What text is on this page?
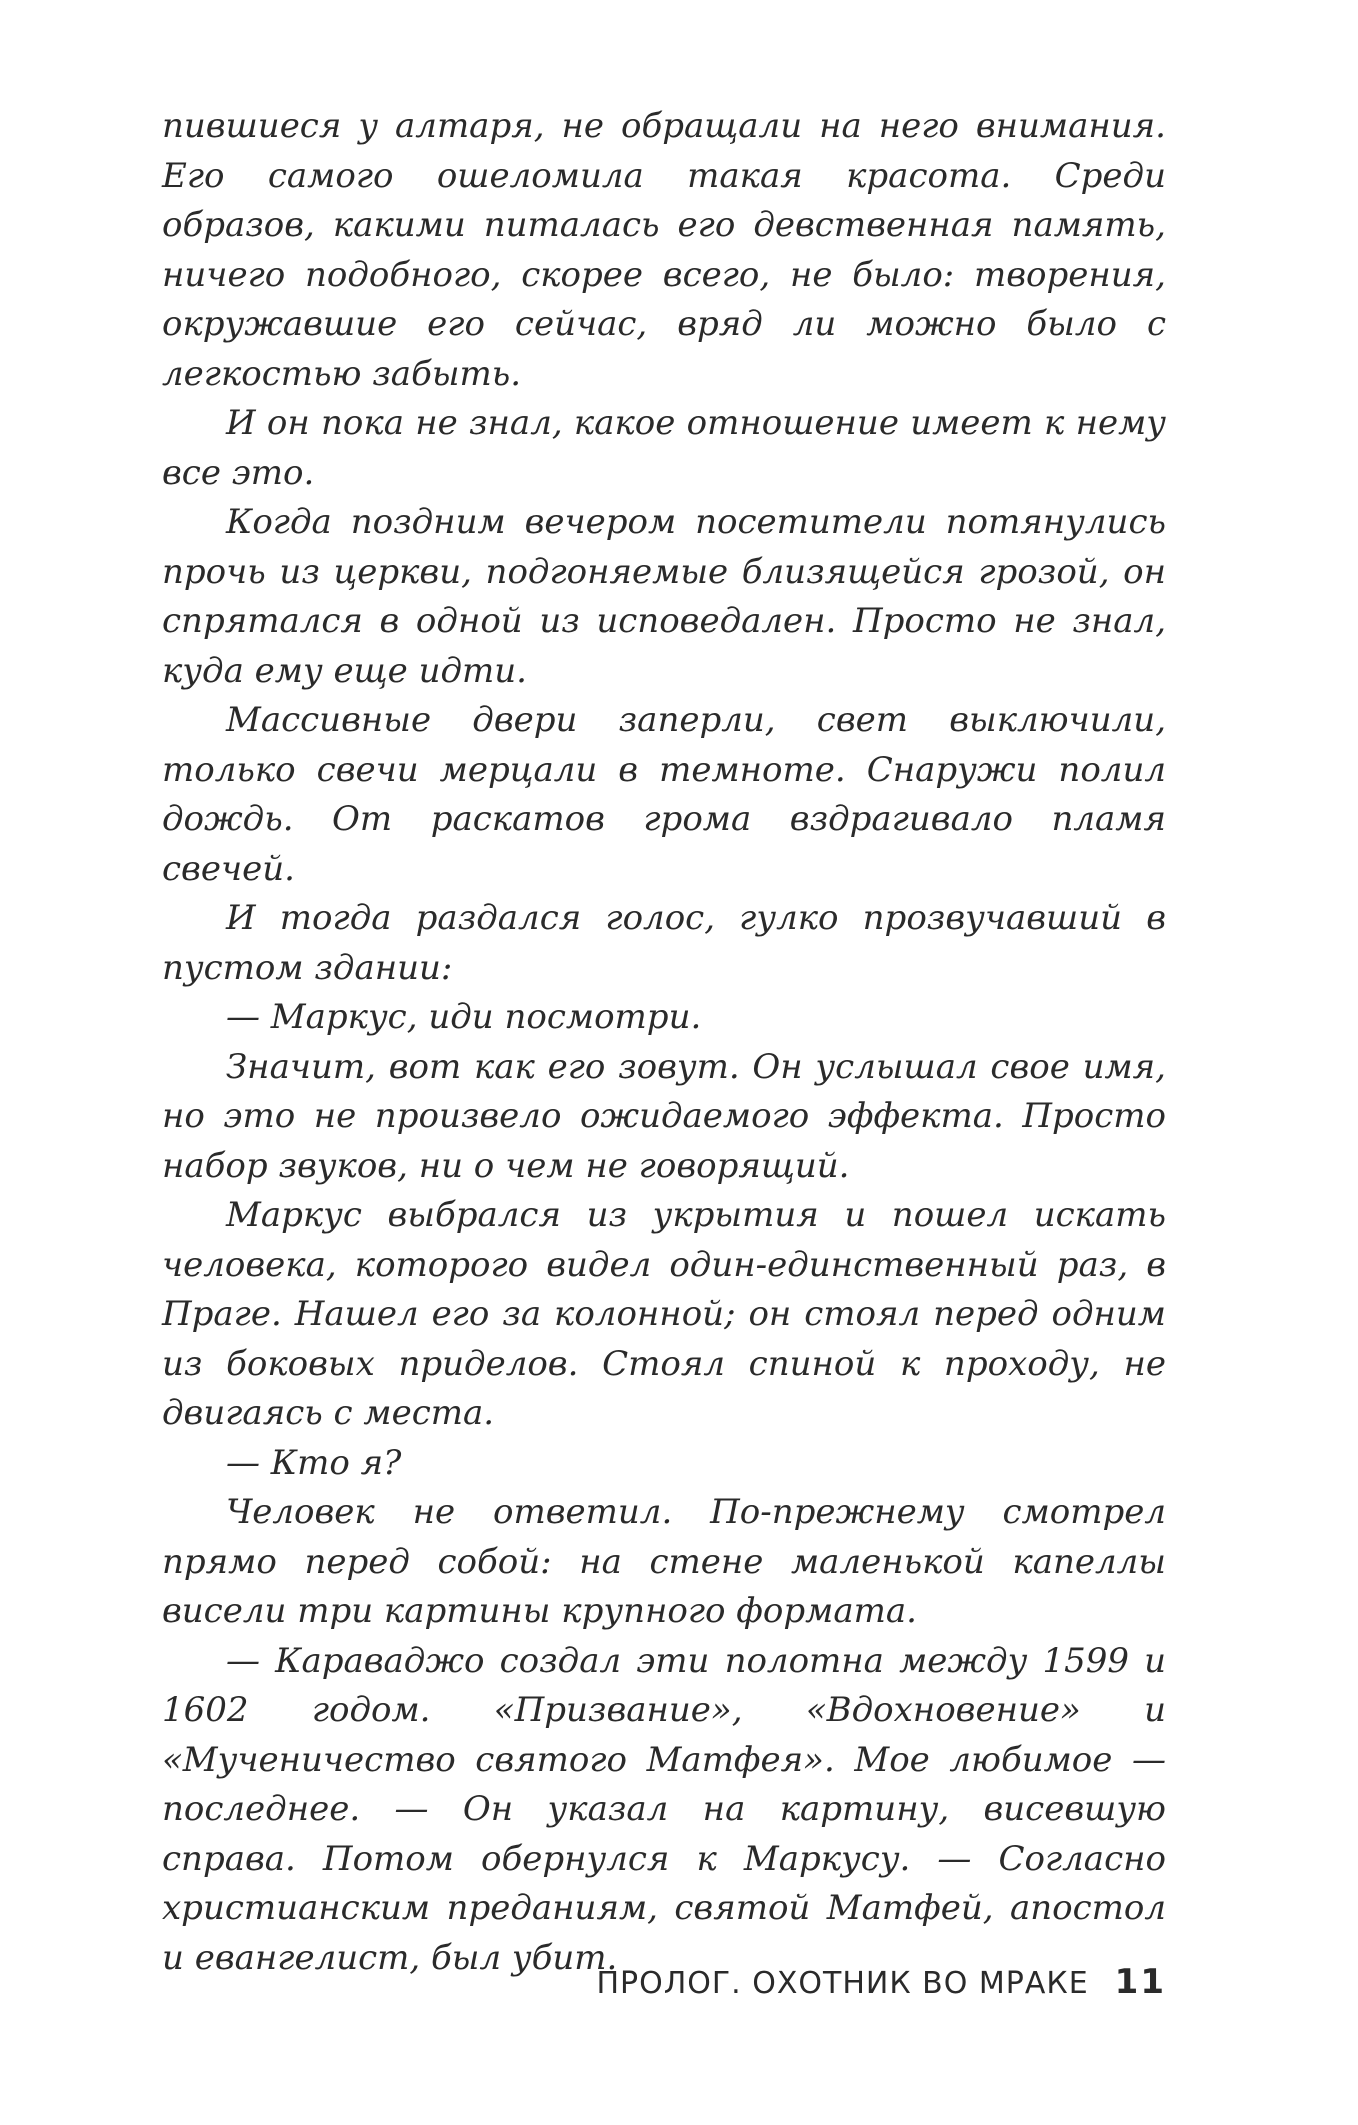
пившиеся у алтаря, не обращали на него внимания. Его самого ошеломила такая красота. Среди образов, какими питалась его девственная память, ничего подобного, скорее всего, не было: творения, окружавшие его сейчас, вряд ли можно было с легкостью забыть.

И он пока не знал, какое отношение имеет к нему все это.

Когда поздним вечером посетители потянулись прочь из церкви, подгоняемые близящейся грозой, он спрятался в одной из исповедален. Просто не знал, куда ему еще идти.

Массивные двери заперли, свет выключили, только свечи мерцали в темноте. Снаружи полил дождь. От раскатов грома вздрагивало пламя свечей.

И тогда раздался голос, гулко прозвучавший в пустом здании:

— Маркус, иди посмотри.

Значит, вот как его зовут. Он услышал свое имя, но это не произвело ожидаемого эффекта. Просто набор звуков, ни о чем не говорящий.

Маркус выбрался из укрытия и пошел искать человека, которого видел один-единственный раз, в Праге. Нашел его за колонной; он стоял перед одним из боковых приделов. Стоял спиной к проходу, не двигаясь с места.

— Кто я?

Человек не ответил. По-прежнему смотрел прямо перед собой: на стене маленькой капеллы висели три картины крупного формата.

— Караваджо создал эти полотна между 1599 и 1602 годом. «Призвание», «Вдохновение» и «Мученичество святого Матфея». Мое любимое — последнее. — Он указал на картину, висевшую справа. Потом обернулся к Маркусу. — Согласно христианским преданиям, святой Матфей, апостол и евангелист, был убит.

ПРОЛОГ. ОХОТНИК ВО МРАКЕ 11
